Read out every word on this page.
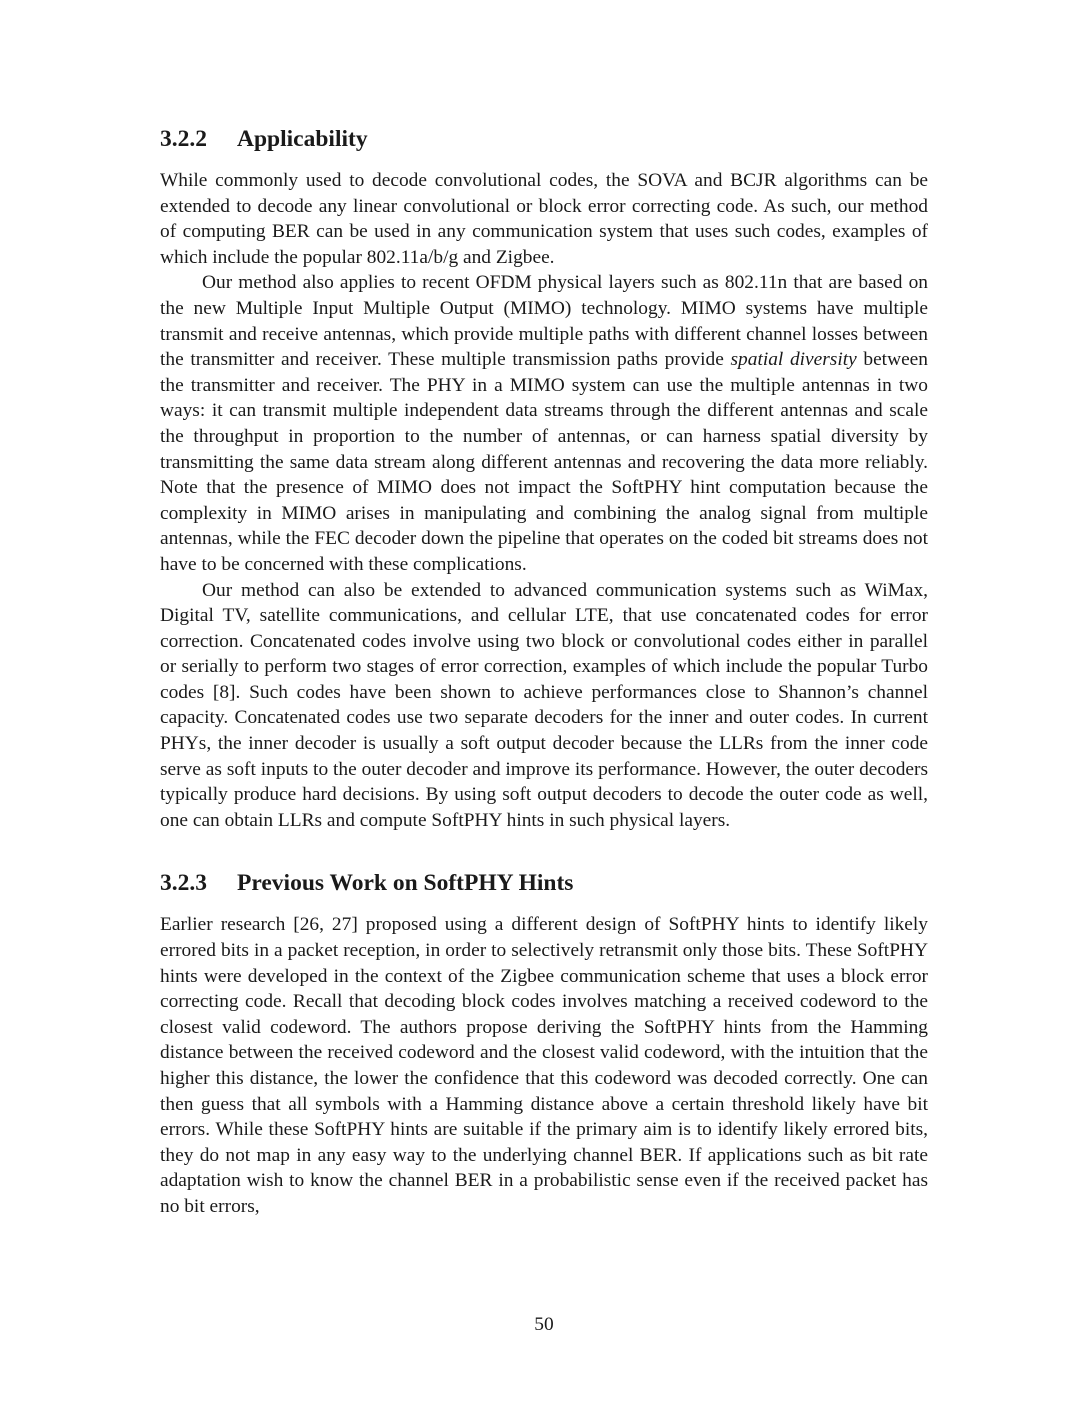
3.2.2 Applicability

While commonly used to decode convolutional codes, the SOVA and BCJR algorithms can be extended to decode any linear convolutional or block error correcting code. As such, our method of computing BER can be used in any communication system that uses such codes, examples of which include the popular 802.11a/b/g and Zigbee.

Our method also applies to recent OFDM physical layers such as 802.11n that are based on the new Multiple Input Multiple Output (MIMO) technology. MIMO systems have multiple transmit and receive antennas, which provide multiple paths with different channel losses between the transmitter and receiver. These multiple transmission paths provide spatial diversity between the transmitter and receiver. The PHY in a MIMO system can use the multiple antennas in two ways: it can transmit multiple independent data streams through the different antennas and scale the throughput in proportion to the number of antennas, or can harness spatial diversity by transmitting the same data stream along different antennas and recovering the data more reliably. Note that the presence of MIMO does not impact the SoftPHY hint computation because the complexity in MIMO arises in manipulating and combining the analog signal from multiple antennas, while the FEC decoder down the pipeline that operates on the coded bit streams does not have to be concerned with these complications.

Our method can also be extended to advanced communication systems such as WiMax, Digital TV, satellite communications, and cellular LTE, that use concatenated codes for error correction. Concatenated codes involve using two block or convolutional codes either in parallel or serially to perform two stages of error correction, examples of which include the popular Turbo codes [8]. Such codes have been shown to achieve performances close to Shannon’s channel capacity. Concatenated codes use two separate decoders for the inner and outer codes. In current PHYs, the inner decoder is usually a soft output decoder because the LLRs from the inner code serve as soft inputs to the outer decoder and improve its performance. However, the outer decoders typically produce hard decisions. By using soft output decoders to decode the outer code as well, one can obtain LLRs and compute SoftPHY hints in such physical layers.

3.2.3 Previous Work on SoftPHY Hints

Earlier research [26, 27] proposed using a different design of SoftPHY hints to identify likely errored bits in a packet reception, in order to selectively retransmit only those bits. These SoftPHY hints were developed in the context of the Zigbee communication scheme that uses a block error correcting code. Recall that decoding block codes involves matching a received codeword to the closest valid codeword. The authors propose deriving the SoftPHY hints from the Hamming distance between the received codeword and the closest valid codeword, with the intuition that the higher this distance, the lower the confidence that this codeword was decoded correctly. One can then guess that all symbols with a Hamming distance above a certain threshold likely have bit errors. While these SoftPHY hints are suitable if the primary aim is to identify likely errored bits, they do not map in any easy way to the underlying channel BER. If applications such as bit rate adaptation wish to know the channel BER in a probabilistic sense even if the received packet has no bit errors,

50
